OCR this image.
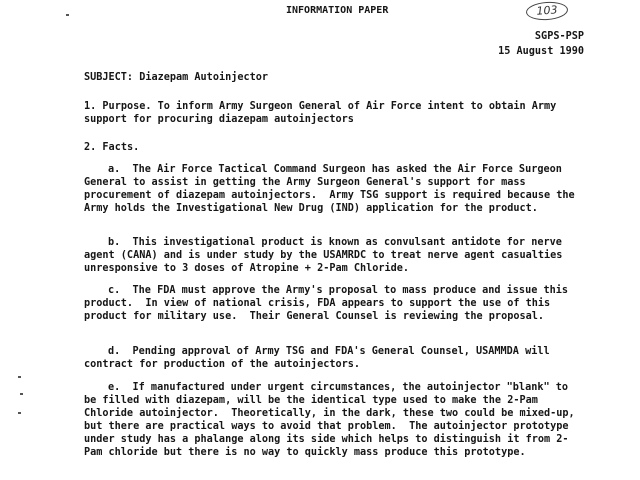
INFORMATION PAPER	103
SGPS-PSP
15 August 1990
SUBJECT: Diazepam Autoinjector
1. Purpose. To inform Army Surgeon General of Air Force intent to obtain Army support for procuring diazepam autoinjectors
2. Facts.
a.  The Air Force Tactical Command Surgeon has asked the Air Force Surgeon General to assist in getting the Army Surgeon General's support for mass procurement of diazepam autoinjectors.  Army TSG support is required because the Army holds the Investigational New Drug (IND) application for the product.
b.  This investigational product is known as convulsant antidote for nerve agent (CANA) and is under study by the USAMRDC to treat nerve agent casualties unresponsive to 3 doses of Atropine + 2-Pam Chloride.
c.  The FDA must approve the Army's proposal to mass produce and issue this product.  In view of national crisis, FDA appears to support the use of this product for military use.  Their General Counsel is reviewing the proposal.
d.  Pending approval of Army TSG and FDA's General Counsel, USAMMDA will contract for production of the autoinjectors.
e.  If manufactured under urgent circumstances, the autoinjector "blank" to be filled with diazepam, will be the identical type used to make the 2-Pam Chloride autoinjector.  Theoretically, in the dark, these two could be mixed-up, but there are practical ways to avoid that problem.  The autoinjector prototype under study has a phalange along its side which helps to distinguish it from 2-Pam chloride but there is no way to quickly mass produce this prototype.
